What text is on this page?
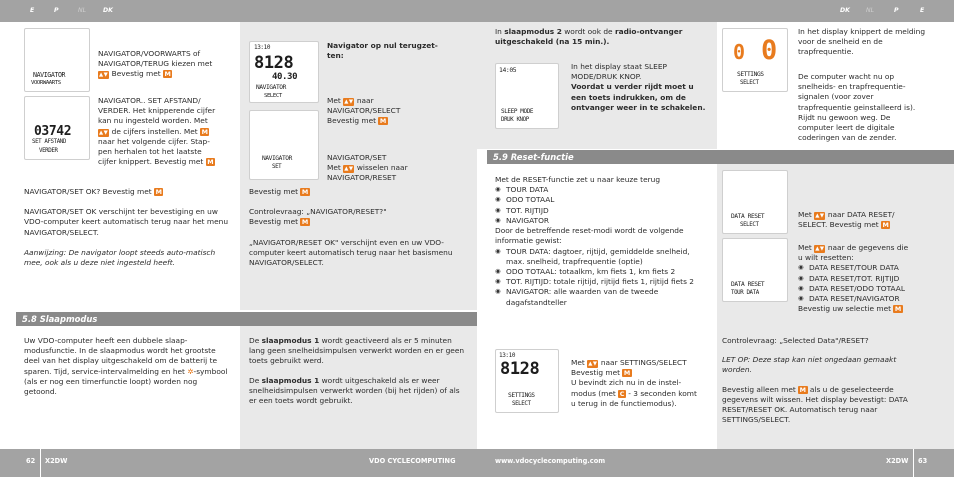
E	P	NL	DK	DK	NL	P	E
5.8 Slaapmodus
5.9 Reset-functie
NAVIGATOR
VOORWAARTS

NAVIGATOR/VOORWARTS of

NAVIGATOR/TERUG kiezen met

▲▼ Bevestig met M

03742
SET AFSTAND
VERDER

NAVIGATOR.. SET AFSTAND/

VERDER. Het knipperende cijfer

kan nu ingesteld worden. Met

▲▼ de cijfers instellen. Met M

naar het volgende cijfer. Stap-

pen herhalen tot het laatste

cijfer knippert. Bevestig met M

NAVIGATOR/SET OK? Bevestig met M

NAVIGATOR/SET OK verschijnt ter bevestiging en uw VDO-computer keert automatisch terug naar het menu NAVIGATOR/SELECT.

Aanwijzing: De navigator loopt steeds auto-matisch mee, ook als u deze niet ingesteld heeft.

13:10
8128
40.30
NAVIGATOR
SELECT
Navigator op nul terugzet-ten:

Met ▲▼ naar

NAVIGATOR/SELECT

Bevestig met M

NAVIGATOR
SET

NAVIGATOR/SET

Met ▲▼ wisselen naar

NAVIGATOR/RESET

Bevestig met M

Controlevraag: „NAVIGATOR/RESET?"

Bevestig met M

„NAVIGATOR/RESET OK" verschijnt even en uw VDO-computer keert automatisch terug naar het basismenu NAVIGATOR/SELECT.

Uw VDO-computer heeft een dubbele slaap-modusfunctie. In de slaapmodus wordt het grootste deel van het display uitgeschakeld om de batterij te sparen. Tijd, service-intervalmelding en het ✲-symbool (als er nog een timerfunctie loopt) worden nog getoond.

De slaapmodus 1 wordt geactiveerd als er 5 minuten lang geen snelheidsimpulsen verwerkt worden en er geen toets gebruikt werd.

De slaapmodus 1 wordt uitgeschakeld als er weer snelheidsimpulsen verwerkt worden (bij het rijden) of als er een toets wordt gebruikt.

In slaapmodus 2 wordt ook de radio-ontvanger uitgeschakeld (na 15 min.).

14:05
SLEEP MODE
DRUK KNOP

In het display staat SLEEP

MODE/DRUK KNOP.

Voordat u verder rijdt moet u een toets indrukken, om de ontvanger weer in te schakelen.

0 0
SETTINGS
SELECT
In het display knippert de melding voor de snelheid en de trapfrequentie.

De computer wacht nu op snelheids- en trapfrequentie-signalen (voor zover trapfrequentie geinstalleerd is). Rijdt nu gewoon weg. De computer leert de digitale coderingen van de zender.

Met de RESET-functie zet u naar keuze terug

◉ TOUR DATA
◉ ODO TOTAAL
◉ TOT. RIJTIJD
◉ NAVIGATOR

Door de betreffende reset-modi wordt de volgende informatie gewist:

◉ TOUR DATA: dagtoer, rijtijd, gemiddelde snelheid, max. snelheid, trapfrequentie (optie)
◉ ODO TOTAAL: totaalkm, km fiets 1, km fiets 2
◉ TOT. RIJTIJD: totale rijtijd, rijtijd fiets 1, rijtijd fiets 2
◉ NAVIGATOR: alle waarden van de tweede dagafstandteller
13:10
8128
SETTINGS
SELECT

Met ▲▼ naar SETTINGS/SELECT

Bevestig met M

U bevindt zich nu in de instel-

modus (met C - 3 seconden komt

u terug in de functiemodus).

DATA RESET
SELECT

Met ▲▼ naar DATA RESET/

SELECT. Bevestig met M

DATA RESET
TOUR DATA

Met ▲▼ naar de gegevens die

u wilt resetten:

◉ DATA RESET/TOUR DATA
◉ DATA RESET/TOT. RIJTIJD
◉ DATA RESET/ODO TOTAAL
◉ DATA RESET/NAVIGATOR

Bevestig uw selectie met M

Controlevraag: „Selected Data"/RESET?

LET OP: Deze stap kan niet ongedaan gemaakt worden.

Bevestig alleen met M als u de geselecteerde gegevens wilt wissen. Het display bevestigt: DATA RESET/RESET OK. Automatisch terug naar SETTINGS/SELECT.

62 X2DW	VDO CYCLECOMPUTING	www.vdocyclecomputing.com	X2DW 63
